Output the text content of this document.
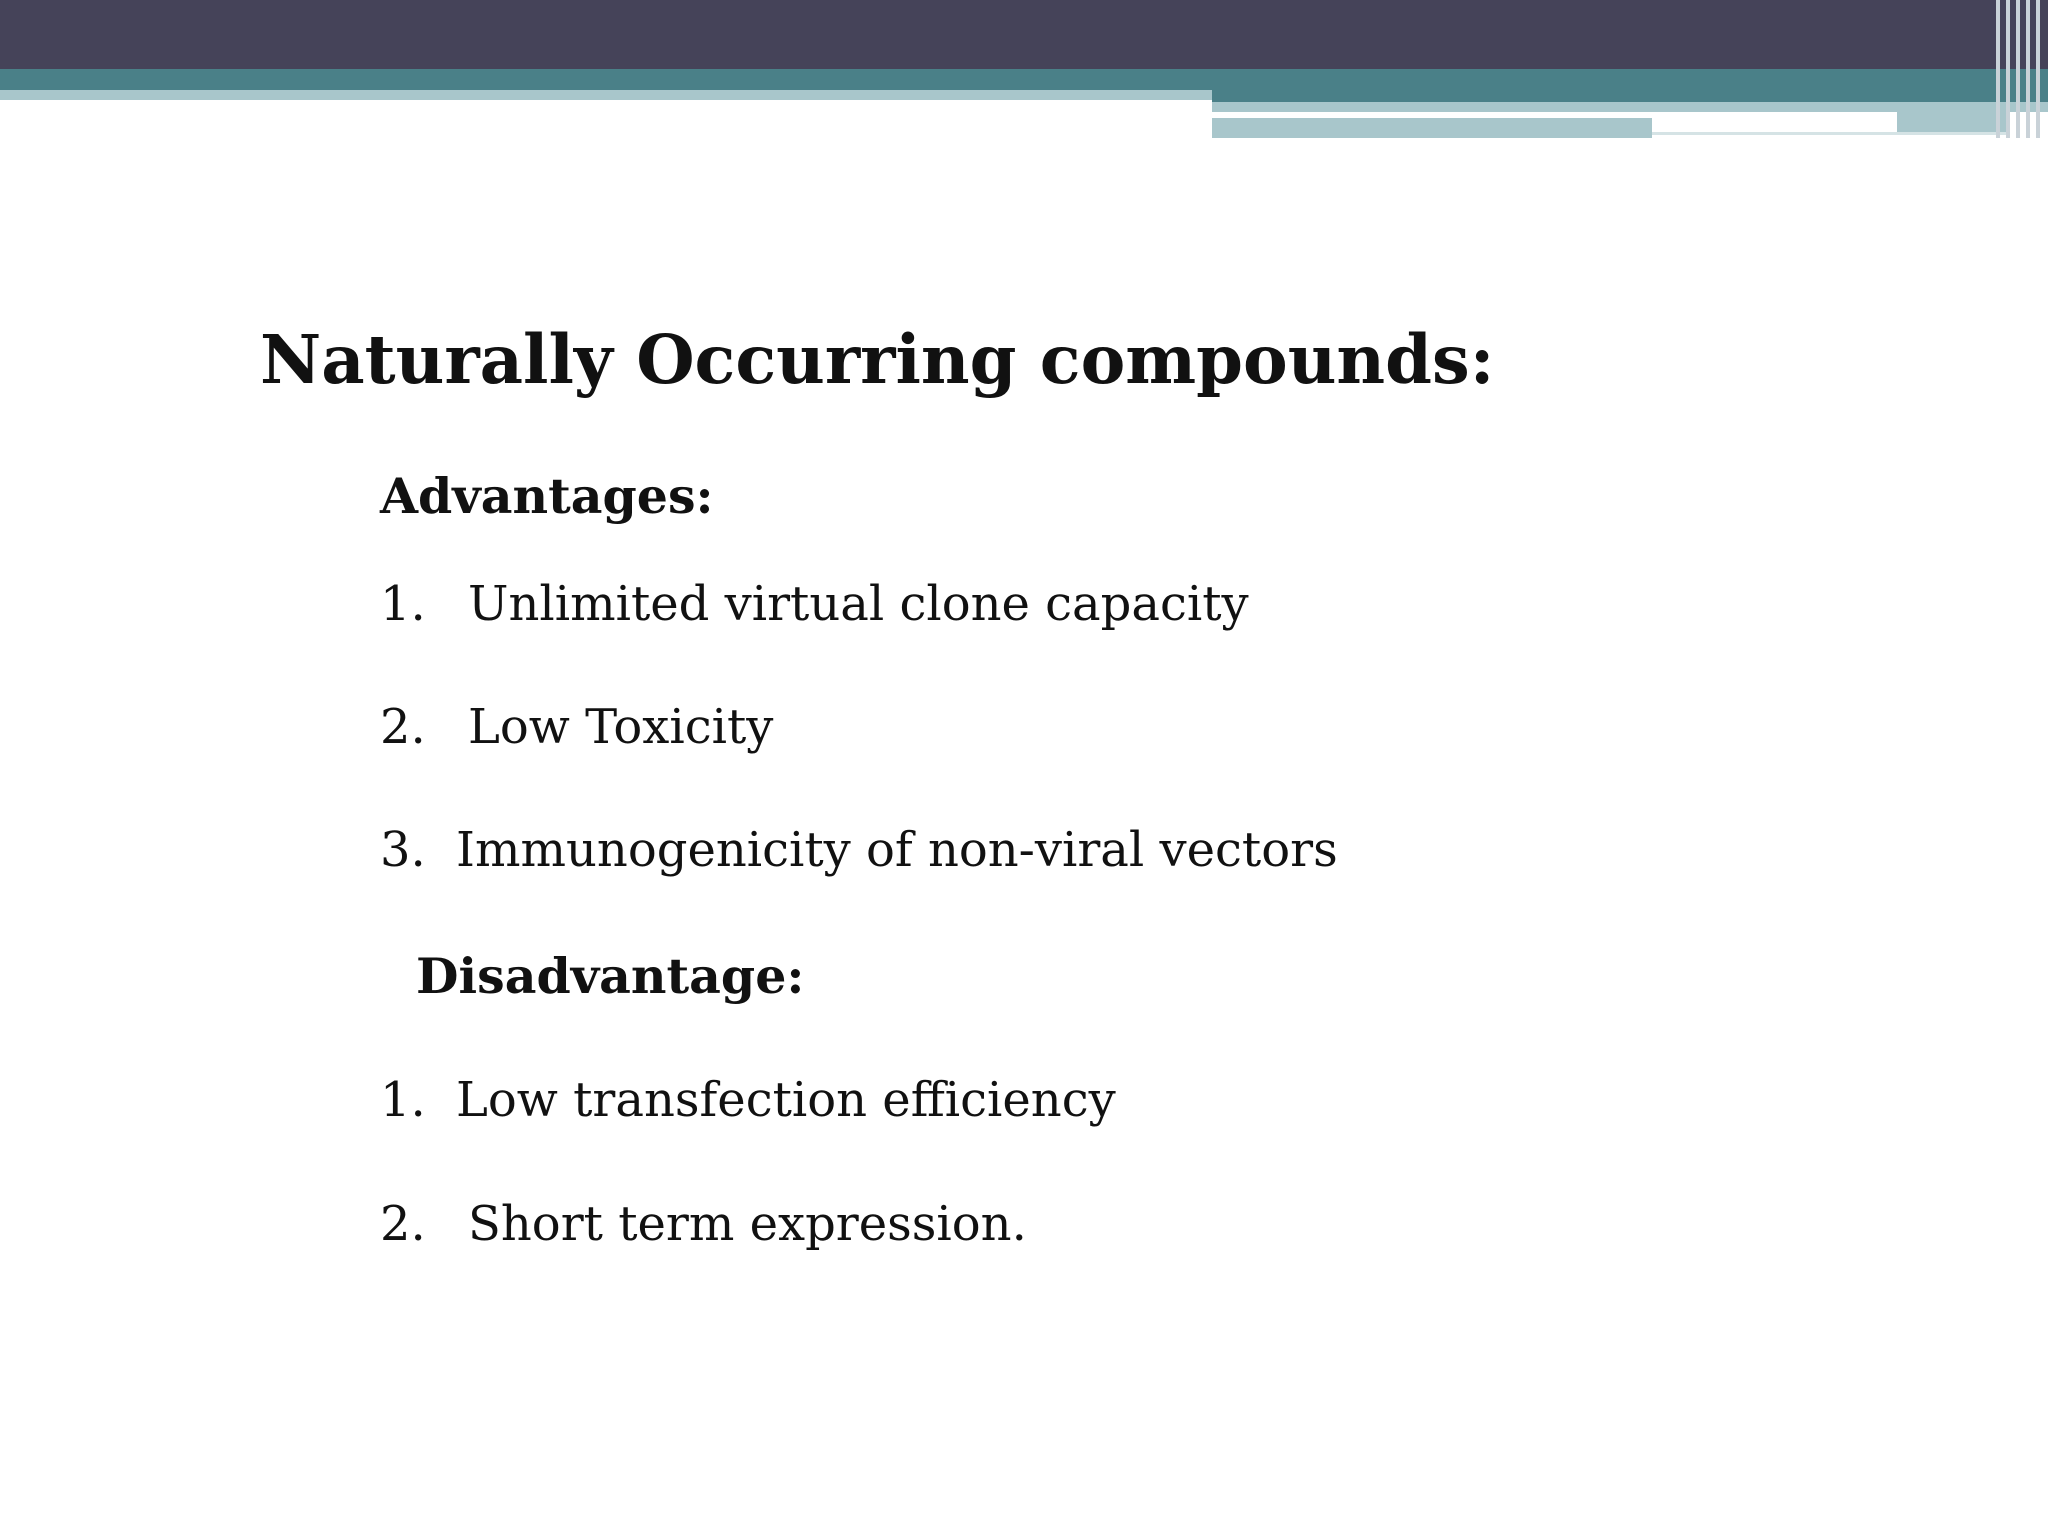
Naturally Occurring compounds:
Advantages:
1. Unlimited virtual clone capacity
2. Low Toxicity
3. Immunogenicity of non-viral vectors
Disadvantage:
1. Low transfection efficiency
2. Short term expression.
